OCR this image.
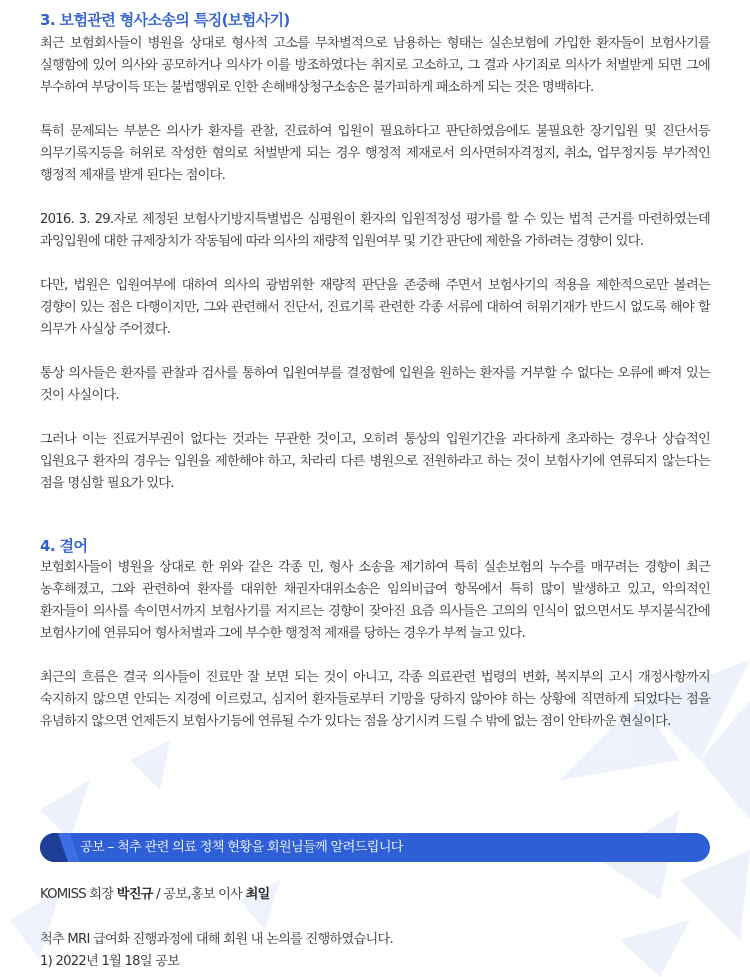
3. 보험관련 형사소송의 특징(보험사기)

최근 보험회사들이 병원을 상대로 형사적 고소를 무차별적으로 남용하는 형태는 실손보험에 가입한 환자들이 보험사기를 실행함에 있어 의사와 공모하거나 의사가 이를 방조하였다는 취지로 고소하고, 그 결과 사기죄로 의사가 처벌받게 되면 그에 부수하여 부당이득 또는 불법행위로 인한 손해배상청구소송은 불가피하게 패소하게 되는 것은 명백하다.

특히 문제되는 부분은 의사가 환자를 관찰, 진료하여 입원이 필요하다고 판단하였음에도 불필요한 장기입원 및 진단서등 의무기록지등을 허위로 작성한 혐의로 처벌받게 되는 경우 행정적 제재로서 의사면허자격정지, 취소, 업무정지등 부가적인 행정적 제재를 받게 된다는 점이다.

2016. 3. 29.자로 제정된 보험사기방지특별법은 심평원이 환자의 입원적정성 평가를 할 수 있는 법적 근거를 마련하였는데 과잉입원에 대한 규제장치가 작동됨에 따라 의사의 재량적 입원여부 및 기간 판단에 제한을 가하려는 경향이 있다.

다만, 법원은 입원여부에 대하여 의사의 광범위한 재량적 판단을 존중해 주면서 보험사기의 적용을 제한적으로만 볼려는 경향이 있는 점은 다행이지만, 그와 관련해서 진단서, 진료기록 관련한 각종 서류에 대하여 허위기재가 반드시 없도록 해야 할 의무가 사실상 주어졌다.

통상 의사들은 환자를 관찰과 검사를 통하여 입원여부를 결정함에 입원을 원하는 환자를 거부할 수 없다는 오류에 빠져 있는 것이 사실이다.

그러나 이는 진료거부권이 없다는 것과는 무관한 것이고, 오히려 통상의 입원기간을 과다하게 초과하는 경우나 상습적인 입원요구 환자의 경우는 입원을 제한해야 하고, 차라리 다른 병원으로 전원하라고 하는 것이 보험사기에 연류되지 않는다는 점을 명심할 필요가 있다.

4. 결어

보험회사들이 병원을 상대로 한 위와 같은 각종 민, 형사 소송을 제기하여 특히 실손보험의 누수를 매꾸려는 경향이 최근 농후해졌고, 그와 관련하여 환자를 대위한 채권자대위소송은 임의비급여 항목에서 특히 많이 발생하고 있고, 악의적인 환자들이 의사를 속이면서까지 보험사기를 저지르는 경향이 잦아진 요즘 의사들은 고의의 인식이 없으면서도 부지불식간에 보험사기에 연류되어 형사처벌과 그에 부수한 행정적 제재를 당하는 경우가 부쩍 늘고 있다.

최근의 흐름은 결국 의사들이 진료만 잘 보면 되는 것이 아니고, 각종 의료관련 법령의 변화, 복지부의 고시 개정사항까지 숙지하지 않으면 안되는 지경에 이르렀고, 심지어 환자들로부터 기망을 당하지 않아야 하는 상황에 직면하게 되었다는 점을 유념하지 않으면 언제든지 보험사기등에 연류될 수가 있다는 점을 상기시켜 드릴 수 밖에 없는 점이 안타까운 현실이다.

공보 – 척추 관련 의료 정책 현황을 회원님들께 알려드립니다
KOMISS 회장 박진규 / 공보,홍보 이사 최일
척추 MRI 급여화 진행과정에 대해 회원 내 논의를 진행하였습니다.
1) 2022년 1월 18일 공보
